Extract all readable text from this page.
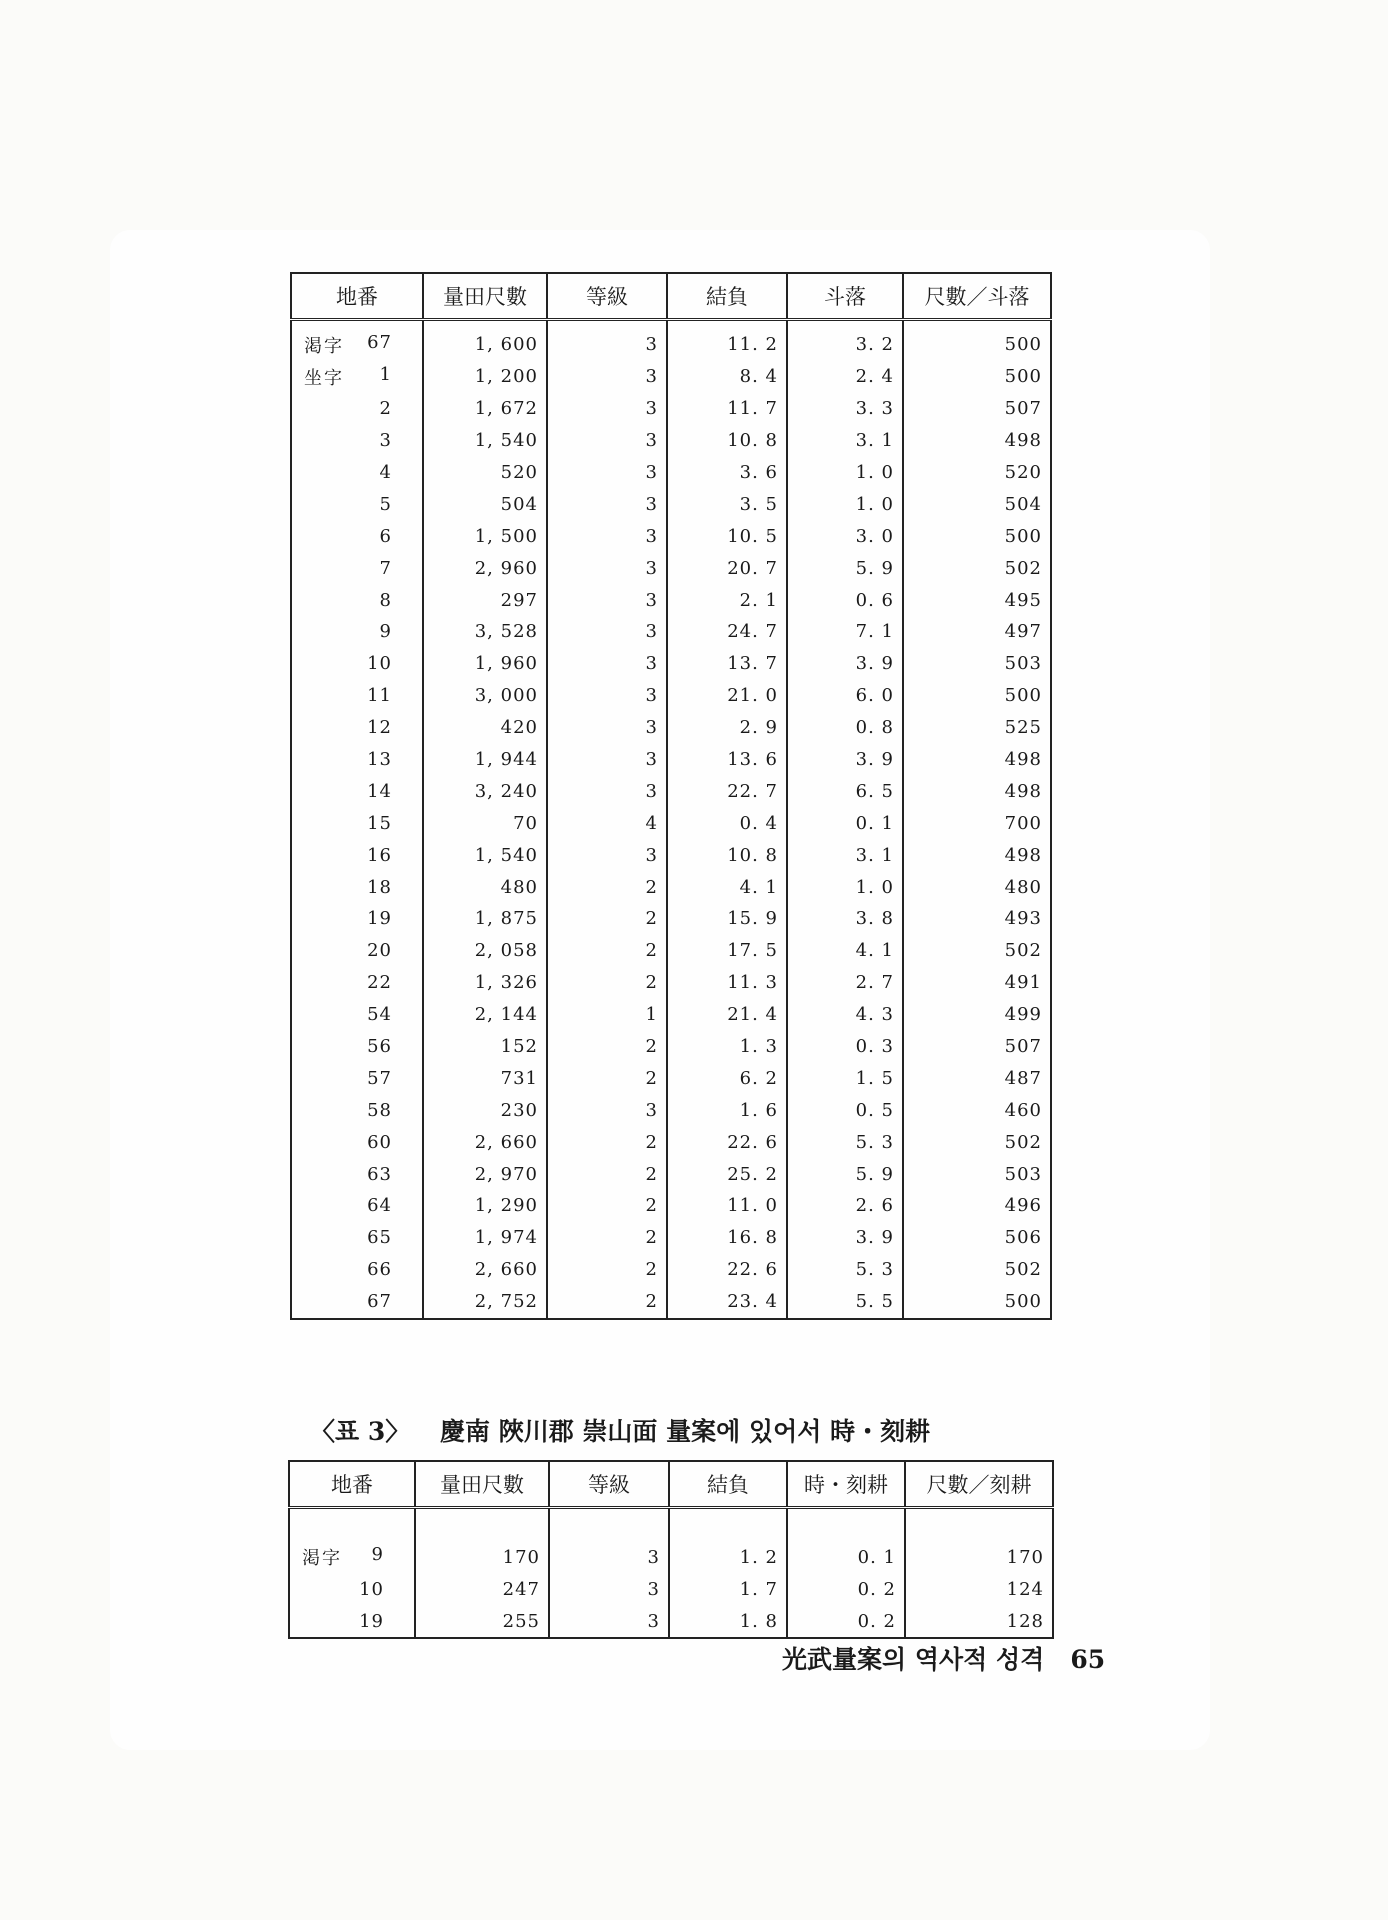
地番	量田尺數	等級	結負	斗落	尺數／斗落

渇字 67	1, 600	3	11. 2	3. 2	500

坐字 1	1, 200	3	8. 4	2. 4	500

2	1, 672	3	11. 7	3. 3	507

3	1, 540	3	10. 8	3. 1	498

4	520	3	3. 6	1. 0	520

5	504	3	3. 5	1. 0	504

6	1, 500	3	10. 5	3. 0	500

7	2, 960	3	20. 7	5. 9	502

8	297	3	2. 1	0. 6	495

9	3, 528	3	24. 7	7. 1	497

10	1, 960	3	13. 7	3. 9	503

11	3, 000	3	21. 0	6. 0	500

12	420	3	2. 9	0. 8	525

13	1, 944	3	13. 6	3. 9	498

14	3, 240	3	22. 7	6. 5	498

15	70	4	0. 4	0. 1	700

16	1, 540	3	10. 8	3. 1	498

18	480	2	4. 1	1. 0	480

19	1, 875	2	15. 9	3. 8	493

20	2, 058	2	17. 5	4. 1	502

22	1, 326	2	11. 3	2. 7	491

54	2, 144	1	21. 4	4. 3	499

56	152	2	1. 3	0. 3	507

57	731	2	6. 2	1. 5	487

58	230	3	1. 6	0. 5	460

60	2, 660	2	22. 6	5. 3	502

63	2, 970	2	25. 2	5. 9	503

64	1, 290	2	11. 0	2. 6	496

65	1, 974	2	16. 8	3. 9	506

66	2, 660	2	22. 6	5. 3	502

67	2, 752	2	23. 4	5. 5	500
〈표 3〉 慶南 陜川郡 崇山面 量案에 있어서 時・刻耕
地番	量田尺數	等級	結負	時・刻耕	尺數／刻耕

渇字 9	170	3	1. 2	0. 1	170

10	247	3	1. 7	0. 2	124

19	255	3	1. 8	0. 2	128
光武量案의 역사적 성격 65
